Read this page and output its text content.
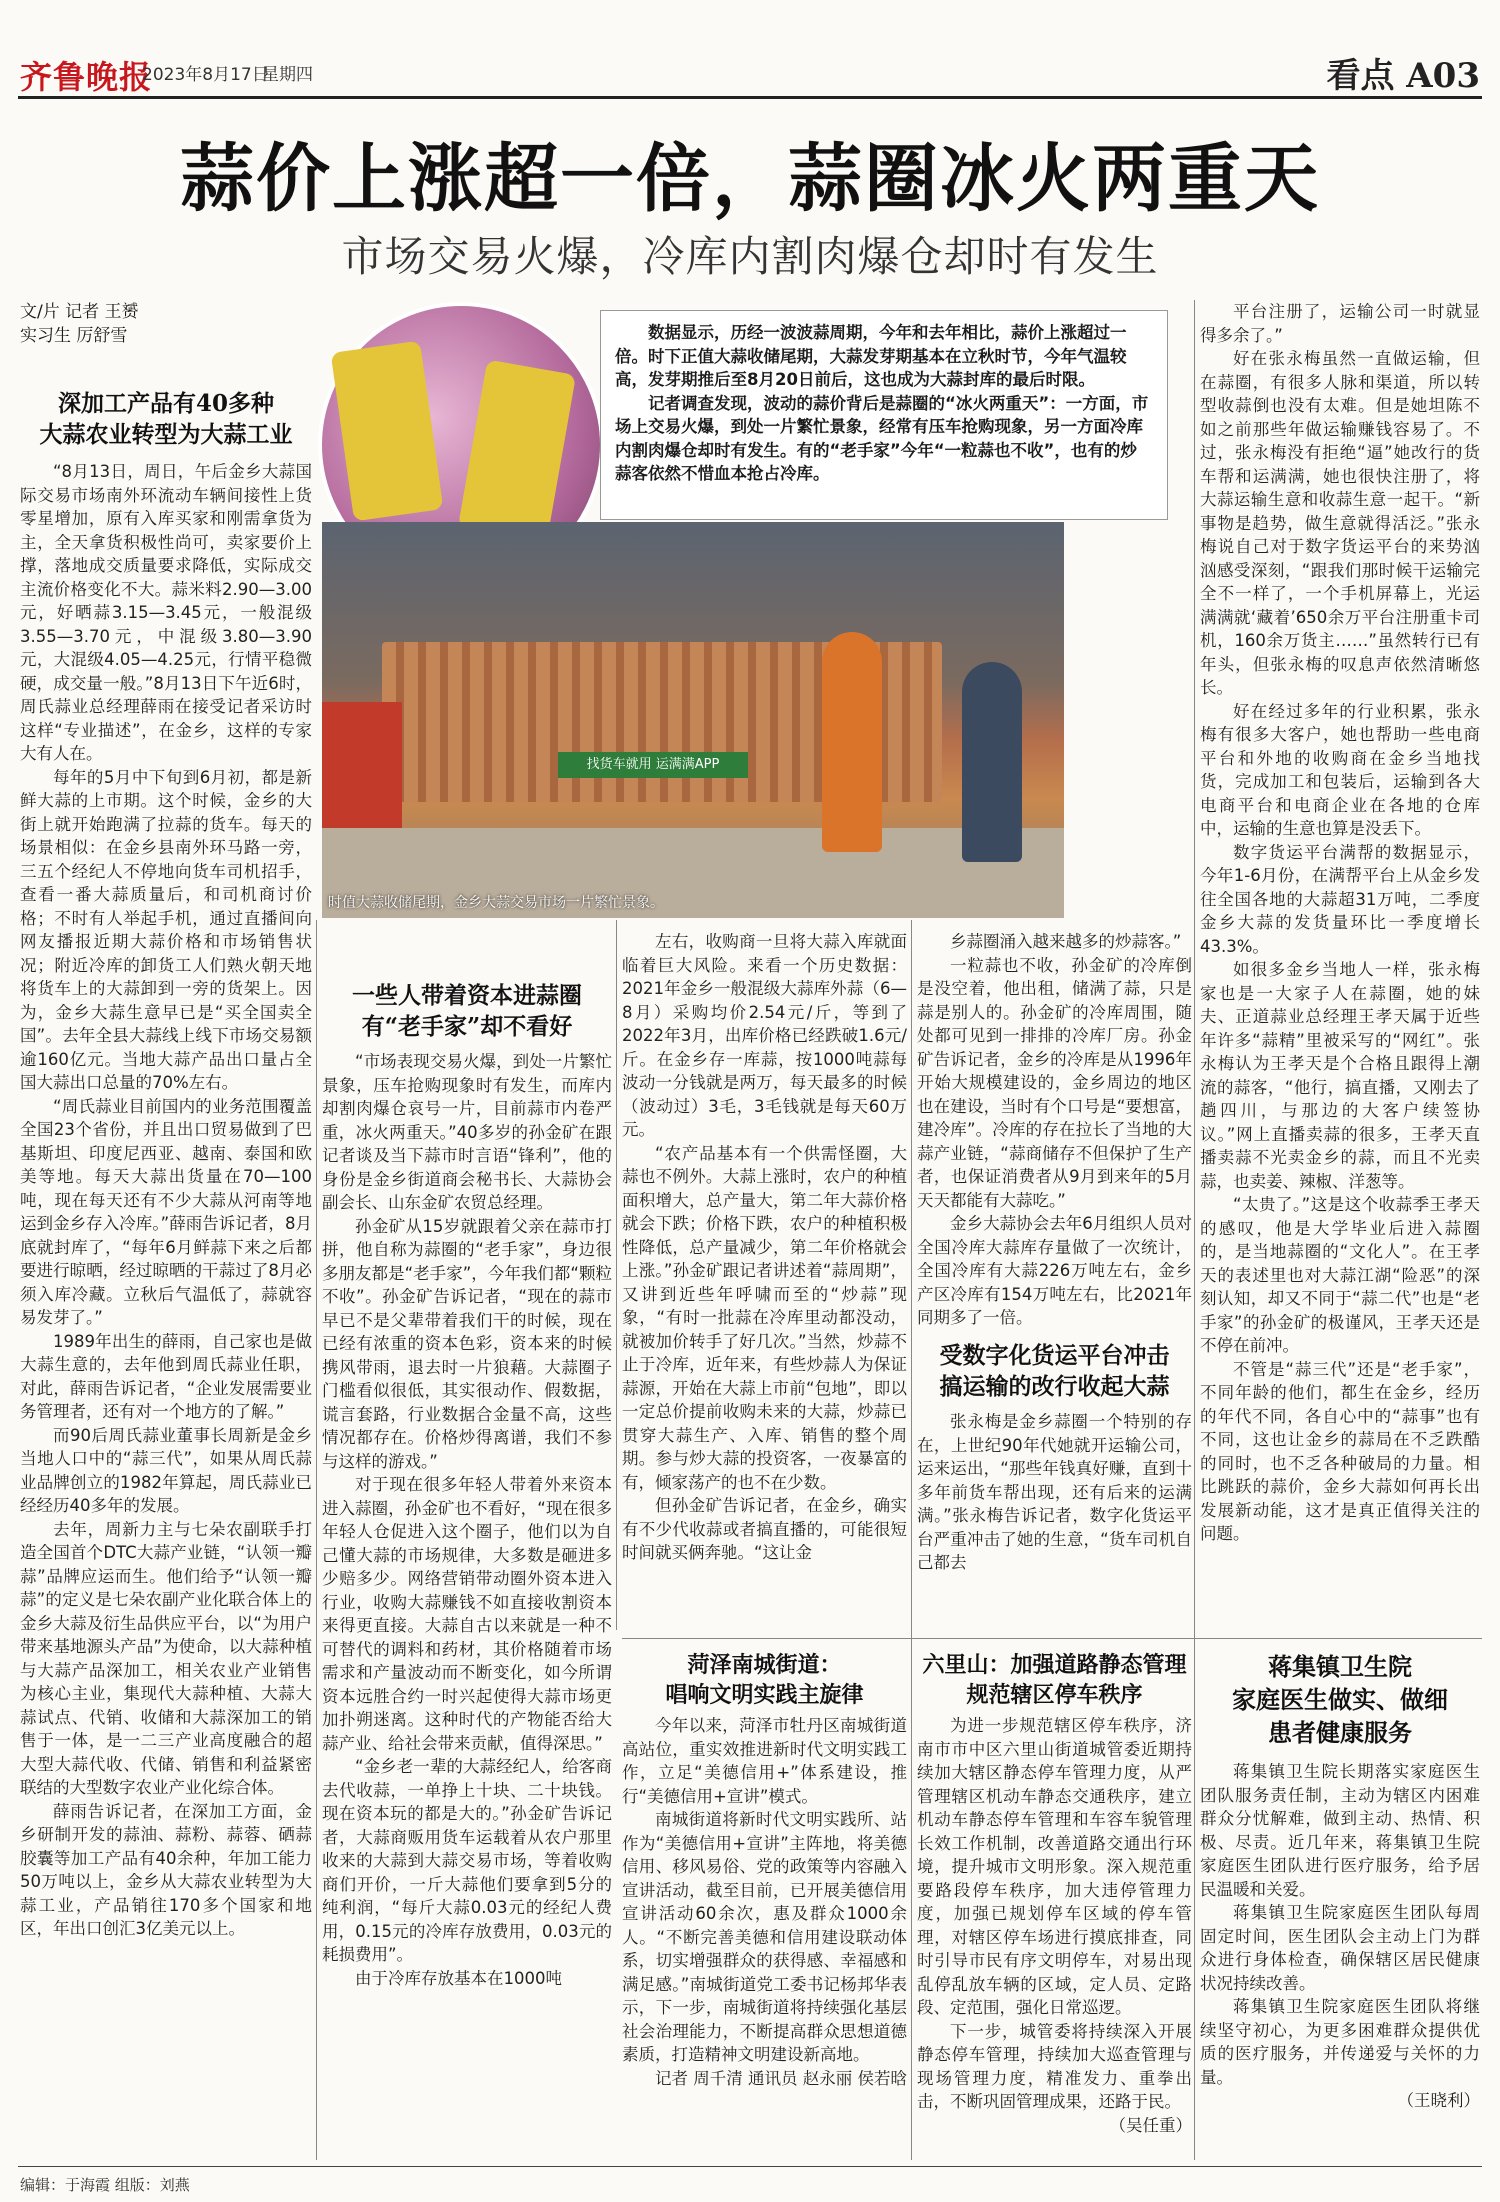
齐鲁晚报
2023年8月17日
星期四	看点 A03
蒜价上涨超一倍，蒜圈冰火两重天
市场交易火爆，冷库内割肉爆仓却时有发生
文/片 记者 王赟
实习生 厉舒雪	数据显示，历经一波波蒜周期，今年和去年相比，蒜价上涨超过一倍。时下正值大蒜收储尾期，大蒜发芽期基本在立秋时节，今年气温较高，发芽期推后至8月20日前后，这也成为大蒜封库的最后时限。

记者调查发现，波动的蒜价背后是蒜圈的“冰火两重天”：一方面，市场上交易火爆，到处一片繁忙景象，经常有压车抢购现象，另一方面冷库内割肉爆仓却时有发生。有的“老手家”今年“一粒蒜也不收”，也有的炒蒜客依然不惜血本抢占冷库。

找货车就用 运满满APP
时值大蒜收储尾期，金乡大蒜交易市场一片繁忙景象。
深加工产品有40多种
大蒜农业转型为大蒜工业

“8月13日，周日，午后金乡大蒜国际交易市场南外环流动车辆间接性上货零星增加，原有入库买家和刚需拿货为主，全天拿货积极性尚可，卖家要价上撑，落地成交质量要求降低，实际成交主流价格变化不大。蒜米料2.90—3.00元，好晒蒜3.15—3.45元，一般混级3.55—3.70元，中混级3.80—3.90元，大混级4.05—4.25元，行情平稳微硬，成交量一般。”8月13日下午近6时，周氏蒜业总经理薛雨在接受记者采访时这样“专业描述”，在金乡，这样的专家大有人在。

每年的5月中下旬到6月初，都是新鲜大蒜的上市期。这个时候，金乡的大街上就开始跑满了拉蒜的货车。每天的场景相似：在金乡县南外环马路一旁，三五个经纪人不停地向货车司机招手，查看一番大蒜质量后，和司机商讨价格；不时有人举起手机，通过直播间向网友播报近期大蒜价格和市场销售状况；附近冷库的卸货工人们熟火朝天地将货车上的大蒜卸到一旁的货架上。因为，金乡大蒜生意早已是“买全国卖全国”。去年全县大蒜线上线下市场交易额逾160亿元。当地大蒜产品出口量占全国大蒜出口总量的70%左右。

“周氏蒜业目前国内的业务范围覆盖全国23个省份，并且出口贸易做到了巴基斯坦、印度尼西亚、越南、泰国和欧美等地。每天大蒜出货量在70—100吨，现在每天还有不少大蒜从河南等地运到金乡存入冷库。”薛雨告诉记者，8月底就封库了，“每年6月鲜蒜下来之后都要进行晾晒，经过晾晒的干蒜过了8月必须入库冷藏。立秋后气温低了，蒜就容易发芽了。”

1989年出生的薛雨，自己家也是做大蒜生意的，去年他到周氏蒜业任职，对此，薛雨告诉记者，“企业发展需要业务管理者，还有对一个地方的了解。”

而90后周氏蒜业董事长周新是金乡当地人口中的“蒜三代”，如果从周氏蒜业品牌创立的1982年算起，周氏蒜业已经经历40多年的发展。

去年，周新力主与七朵农副联手打造全国首个DTC大蒜产业链，“认领一瓣蒜”品牌应运而生。他们给予“认领一瓣蒜”的定义是七朵农副产业化联合体上的金乡大蒜及衍生品供应平台，以“为用户带来基地源头产品”为使命，以大蒜种植与大蒜产品深加工，相关农业产业销售为核心主业，集现代大蒜种植、大蒜大蒜试点、代销、收储和大蒜深加工的销售于一体，是一二三产业高度融合的超大型大蒜代收、代储、销售和利益紧密联结的大型数字农业产业化综合体。

薛雨告诉记者，在深加工方面，金乡研制开发的蒜油、蒜粉、蒜蓉、硒蒜胶囊等加工产品有40余种，年加工能力50万吨以上，金乡从大蒜农业转型为大蒜工业，产品销往170多个国家和地区，年出口创汇3亿美元以上。

一些人带着资本进蒜圈
有“老手家”却不看好

“市场表现交易火爆，到处一片繁忙景象，压车抢购现象时有发生，而库内却割肉爆仓哀号一片，目前蒜市内卷严重，冰火两重天。”40多岁的孙金矿在跟记者谈及当下蒜市时言语“锋利”，他的身份是金乡街道商会秘书长、大蒜协会副会长、山东金矿农贸总经理。

孙金矿从15岁就跟着父亲在蒜市打拼，他自称为蒜圈的“老手家”，身边很多朋友都是“老手家”，今年我们都“颗粒不收”。孙金矿告诉记者，“现在的蒜市早已不是父辈带着我们干的时候，现在已经有浓重的资本色彩，资本来的时候携风带雨，退去时一片狼藉。大蒜圈子门槛看似很低，其实很动作、假数据，谎言套路，行业数据合金量不高，这些情况都存在。价格炒得离谱，我们不参与这样的游戏。”

对于现在很多年轻人带着外来资本进入蒜圈，孙金矿也不看好，“现在很多年轻人仓促进入这个圈子，他们以为自己懂大蒜的市场规律，大多数是砸进多少赔多少。网络营销带动圈外资本进入行业，收购大蒜赚钱不如直接收割资本来得更直接。大蒜自古以来就是一种不可替代的调料和药材，其价格随着市场需求和产量波动而不断变化，如今所谓资本远胜合约一时兴起使得大蒜市场更加扑朔迷离。这种时代的产物能否给大蒜产业、给社会带来贡献，值得深思。”

“金乡老一辈的大蒜经纪人，给客商去代收蒜，一单挣上十块、二十块钱。现在资本玩的都是大的。”孙金矿告诉记者，大蒜商贩用货车运载着从农户那里收来的大蒜到大蒜交易市场，等着收购商们开价，一斤大蒜他们要拿到5分的纯利润，“每斤大蒜0.03元的经纪人费用，0.15元的冷库存放费用，0.03元的耗损费用”。

由于冷库存放基本在1000吨

左右，收购商一旦将大蒜入库就面临着巨大风险。来看一个历史数据：2021年金乡一般混级大蒜库外蒜（6—8月）采购均价2.54元/斤，等到了2022年3月，出库价格已经跌破1.6元/斤。在金乡存一库蒜，按1000吨蒜每波动一分钱就是两万，每天最多的时候（波动过）3毛，3毛钱就是每天60万元。

“农产品基本有一个供需怪圈，大蒜也不例外。大蒜上涨时，农户的种植面积增大，总产量大，第二年大蒜价格就会下跌；价格下跌，农户的种植积极性降低，总产量减少，第二年价格就会上涨。”孙金矿跟记者讲述着“蒜周期”，又讲到近些年呼啸而至的“炒蒜”现象，“有时一批蒜在冷库里动都没动，就被加价转手了好几次。”当然，炒蒜不止于冷库，近年来，有些炒蒜人为保证蒜源，开始在大蒜上市前“包地”，即以一定总价提前收购未来的大蒜，炒蒜已贯穿大蒜生产、入库、销售的整个周期。参与炒大蒜的投资客，一夜暴富的有，倾家荡产的也不在少数。

但孙金矿告诉记者，在金乡，确实有不少代收蒜或者搞直播的，可能很短时间就买俩奔驰。“这让金

乡蒜圈涌入越来越多的炒蒜客。”

一粒蒜也不收，孙金矿的冷库倒是没空着，他出租，储满了蒜，只是蒜是别人的。孙金矿的冷库周围，随处都可见到一排排的冷库厂房。孙金矿告诉记者，金乡的冷库是从1996年开始大规模建设的，金乡周边的地区也在建设，当时有个口号是“要想富，建冷库”。冷库的存在拉长了当地的大蒜产业链，“蒜商储存不但保护了生产者，也保证消费者从9月到来年的5月天天都能有大蒜吃。”

金乡大蒜协会去年6月组织人员对全国冷库大蒜库存量做了一次统计，全国冷库有大蒜226万吨左右，金乡产区冷库有154万吨左右，比2021年同期多了一倍。

受数字化货运平台冲击
搞运输的改行收起大蒜

张永梅是金乡蒜圈一个特别的存在，上世纪90年代她就开运输公司，运来运出，“那些年钱真好赚，直到十多年前货车帮出现，还有后来的运满满。”张永梅告诉记者，数字化货运平台严重冲击了她的生意，“货车司机自己都去

平台注册了，运输公司一时就显得多余了。”

好在张永梅虽然一直做运输，但在蒜圈，有很多人脉和渠道，所以转型收蒜倒也没有太难。但是她坦陈不如之前那些年做运输赚钱容易了。不过，张永梅没有拒绝“逼”她改行的货车帮和运满满，她也很快注册了，将大蒜运输生意和收蒜生意一起干。“新事物是趋势，做生意就得活泛。”张永梅说自己对于数字货运平台的来势汹汹感受深刻，“跟我们那时候干运输完全不一样了，一个手机屏幕上，光运满满就‘藏着’650余万平台注册重卡司机，160余万货主……”虽然转行已有年头，但张永梅的叹息声依然清晰悠长。

好在经过多年的行业积累，张永梅有很多大客户，她也帮助一些电商平台和外地的收购商在金乡当地找货，完成加工和包装后，运输到各大电商平台和电商企业在各地的仓库中，运输的生意也算是没丢下。

数字货运平台满帮的数据显示，今年1-6月份，在满帮平台上从金乡发往全国各地的大蒜超31万吨，二季度金乡大蒜的发货量环比一季度增长43.3%。

如很多金乡当地人一样，张永梅家也是一大家子人在蒜圈，她的妹夫、正道蒜业总经理王孝天属于近些年许多“蒜精”里被采写的“网红”。张永梅认为王孝天是个合格且跟得上潮流的蒜客，“他行，搞直播，又刚去了趟四川，与那边的大客户续签协议。”网上直播卖蒜的很多，王孝天直播卖蒜不光卖金乡的蒜，而且不光卖蒜，也卖姜、辣椒、洋葱等。

“太贵了。”这是这个收蒜季王孝天的感叹，他是大学毕业后进入蒜圈的，是当地蒜圈的“文化人”。在王孝天的表述里也对大蒜江湖“险恶”的深刻认知，却又不同于“蒜二代”也是“老手家”的孙金矿的极谨风，王孝天还是不停在前冲。

不管是“蒜三代”还是“老手家”，不同年龄的他们，都生在金乡，经历的年代不同，各自心中的“蒜事”也有不同，这也让金乡的蒜局在不乏跌酷的同时，也不乏各种破局的力量。相比跳跃的蒜价，金乡大蒜如何再长出发展新动能，这才是真正值得关注的问题。

菏泽南城街道：
唱响文明实践主旋律

今年以来，菏泽市牡丹区南城街道高站位，重实效推进新时代文明实践工作，立足“美德信用+”体系建设，推行“美德信用+宣讲”模式。

南城街道将新时代文明实践所、站作为“美德信用+宣讲”主阵地，将美德信用、移风易俗、党的政策等内容融入宣讲活动，截至目前，已开展美德信用宣讲活动60余次，惠及群众1000余人。“不断完善美德和信用建设联动体系，切实增强群众的获得感、幸福感和满足感。”南城街道党工委书记杨邦华表示，下一步，南城街道将持续强化基层社会治理能力，不断提高群众思想道德素质，打造精神文明建设新高地。

记者 周千清 通讯员 赵永丽 侯若晗

六里山：加强道路静态管理
规范辖区停车秩序

为进一步规范辖区停车秩序，济南市市中区六里山街道城管委近期持续加大辖区静态停车管理力度，从严管理辖区机动车静态交通秩序，建立机动车静态停车管理和车容车貌管理长效工作机制，改善道路交通出行环境，提升城市文明形象。深入规范重要路段停车秩序，加大违停管理力度，加强已规划停车区域的停车管理，对辖区停车场进行摸底排查，同时引导市民有序文明停车，对易出现乱停乱放车辆的区域，定人员、定路段、定范围，强化日常巡逻。

下一步，城管委将持续深入开展静态停车管理，持续加大巡查管理与现场管理力度，精准发力、重拳出击，不断巩固管理成果，还路于民。

（吴任重）

蒋集镇卫生院
家庭医生做实、做细
患者健康服务

蒋集镇卫生院长期落实家庭医生团队服务责任制，主动为辖区内困难群众分忧解难，做到主动、热情、积极、尽责。近几年来，蒋集镇卫生院家庭医生团队进行医疗服务，给予居民温暖和关爱。

蒋集镇卫生院家庭医生团队每周固定时间，医生团队会主动上门为群众进行身体检查，确保辖区居民健康状况持续改善。

蒋集镇卫生院家庭医生团队将继续坚守初心，为更多困难群众提供优质的医疗服务，并传递爱与关怀的力量。

（王晓利）

编辑：于海霞 组版：刘燕
